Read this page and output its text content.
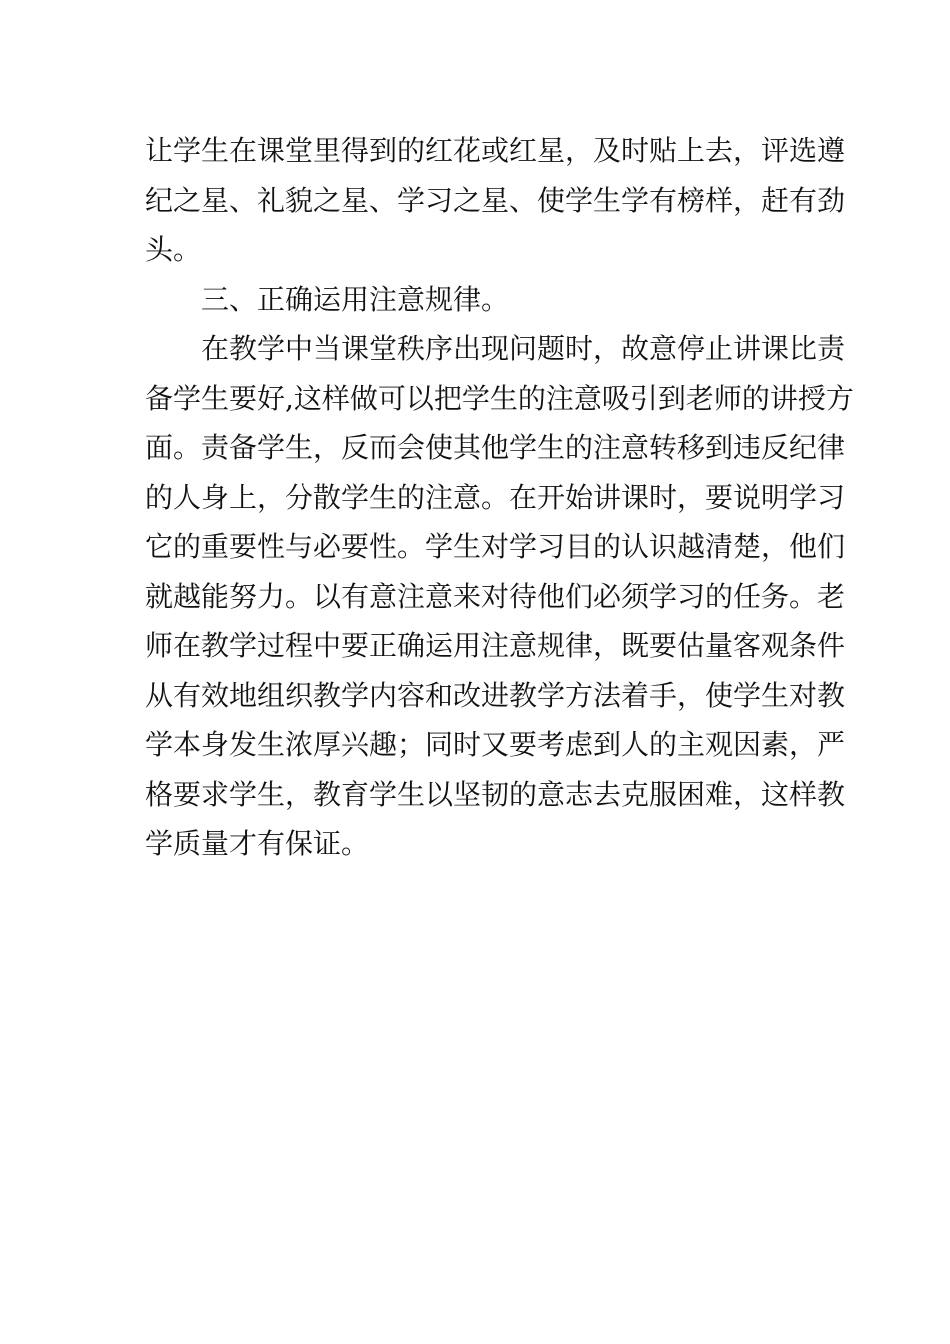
让学生在课堂里得到的红花或红星，及时贴上去，评选遵
纪之星、礼貌之星、学习之星、使学生学有榜样，赶有劲
头。
三、正确运用注意规律。
在教学中当课堂秩序出现问题时，故意停止讲课比责
备学生要好,这样做可以把学生的注意吸引到老师的讲授方
面。责备学生，反而会使其他学生的注意转移到违反纪律
的人身上，分散学生的注意。在开始讲课时，要说明学习
它的重要性与必要性。学生对学习目的认识越清楚，他们
就越能努力。以有意注意来对待他们必须学习的任务。老
师在教学过程中要正确运用注意规律，既要估量客观条件
从有效地组织教学内容和改进教学方法着手，使学生对教
学本身发生浓厚兴趣；同时又要考虑到人的主观因素，严
格要求学生，教育学生以坚韧的意志去克服困难，这样教
学质量才有保证。
